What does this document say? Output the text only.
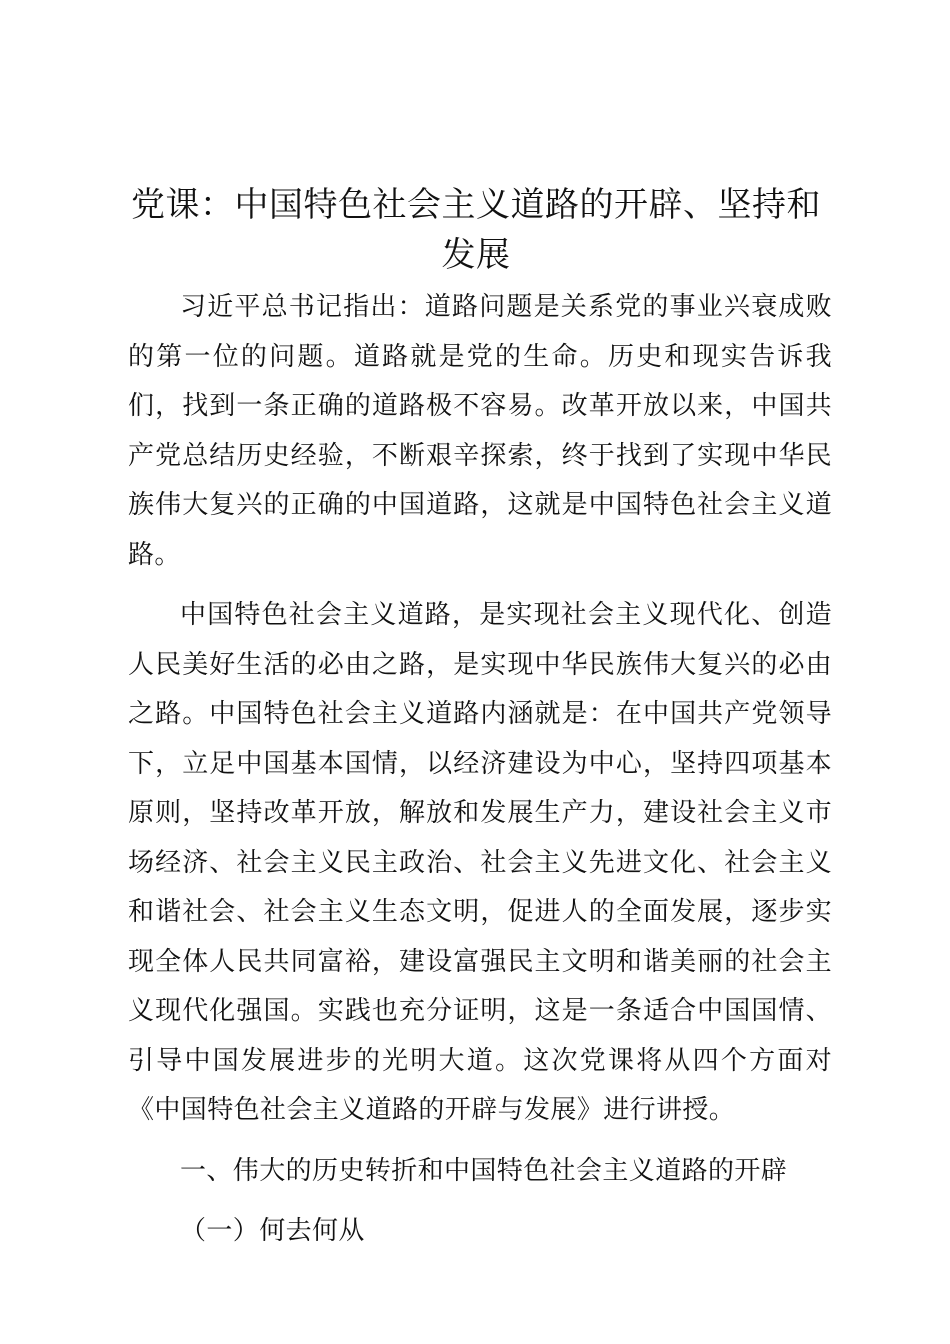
党课：中国特色社会主义道路的开辟、坚持和发展

习近平总书记指出：道路问题是关系党的事业兴衰成败的第一位的问题。道路就是党的生命。历史和现实告诉我们，找到一条正确的道路极不容易。改革开放以来，中国共产党总结历史经验，不断艰辛探索，终于找到了实现中华民族伟大复兴的正确的中国道路，这就是中国特色社会主义道路。

中国特色社会主义道路，是实现社会主义现代化、创造人民美好生活的必由之路，是实现中华民族伟大复兴的必由之路。中国特色社会主义道路内涵就是：在中国共产党领导下，立足中国基本国情，以经济建设为中心，坚持四项基本原则，坚持改革开放，解放和发展生产力，建设社会主义市场经济、社会主义民主政治、社会主义先进文化、社会主义和谐社会、社会主义生态文明，促进人的全面发展，逐步实现全体人民共同富裕，建设富强民主文明和谐美丽的社会主义现代化强国。实践也充分证明，这是一条适合中国国情、引导中国发展进步的光明大道。这次党课将从四个方面对《中国特色社会主义道路的开辟与发展》进行讲授。

一、伟大的历史转折和中国特色社会主义道路的开辟
（一）何去何从
